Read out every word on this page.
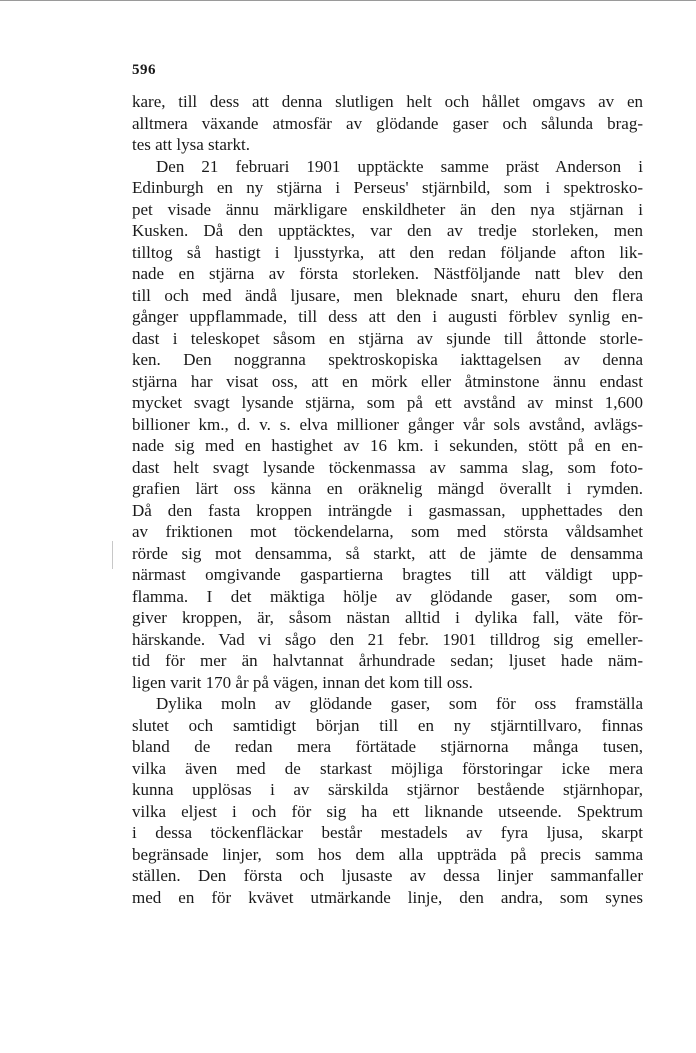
596
kare, till dess att denna slutligen helt och hållet omgavs av en
alltmera växande atmosfär av glödande gaser och sålunda brag-
tes att lysa starkt.
Den 21 februari 1901 upptäckte samme präst Anderson i
Edinburgh en ny stjärna i Perseus' stjärnbild, som i spektrosko-
pet visade ännu märkligare enskildheter än den nya stjärnan i
Kusken. Då den upptäcktes, var den av tredje storleken, men
tilltog så hastigt i ljusstyrka, att den redan följande afton lik-
nade en stjärna av första storleken. Nästföljande natt blev den
till och med ändå ljusare, men bleknade snart, ehuru den flera
gånger uppflammade, till dess att den i augusti förblev synlig en-
dast i teleskopet såsom en stjärna av sjunde till åttonde storle-
ken. Den noggranna spektroskopiska iakttagelsen av denna
stjärna har visat oss, att en mörk eller åtminstone ännu endast
mycket svagt lysande stjärna, som på ett avstånd av minst 1,600
billioner km., d. v. s. elva millioner gånger vår sols avstånd, avlägs-
nade sig med en hastighet av 16 km. i sekunden, stött på en en-
dast helt svagt lysande töckenmassa av samma slag, som foto-
grafien lärt oss känna en oräknelig mängd överallt i rymden.
Då den fasta kroppen inträngde i gasmassan, upphettades den
av friktionen mot töckendelarna, som med största våldsamhet
rörde sig mot densamma, så starkt, att de jämte de densamma
närmast omgivande gaspartierna bragtes till att väldigt upp-
flamma. I det mäktiga hölje av glödande gaser, som om-
giver kroppen, är, såsom nästan alltid i dylika fall, väte för-
härskande. Vad vi sågo den 21 febr. 1901 tilldrog sig emeller-
tid för mer än halvtannat århundrade sedan; ljuset hade näm-
ligen varit 170 år på vägen, innan det kom till oss.
Dylika moln av glödande gaser, som för oss framställa
slutet och samtidigt början till en ny stjärntillvaro, finnas
bland de redan mera förtätade stjärnorna många tusen,
vilka även med de starkast möjliga förstoringar icke mera
kunna upplösas i av särskilda stjärnor bestående stjärnhopar,
vilka eljest i och för sig ha ett liknande utseende. Spektrum
i dessa töckenfläckar består mestadels av fyra ljusa, skarpt
begränsade linjer, som hos dem alla uppträda på precis samma
ställen. Den första och ljusaste av dessa linjer sammanfaller
med en för kvävet utmärkande linje, den andra, som synes
